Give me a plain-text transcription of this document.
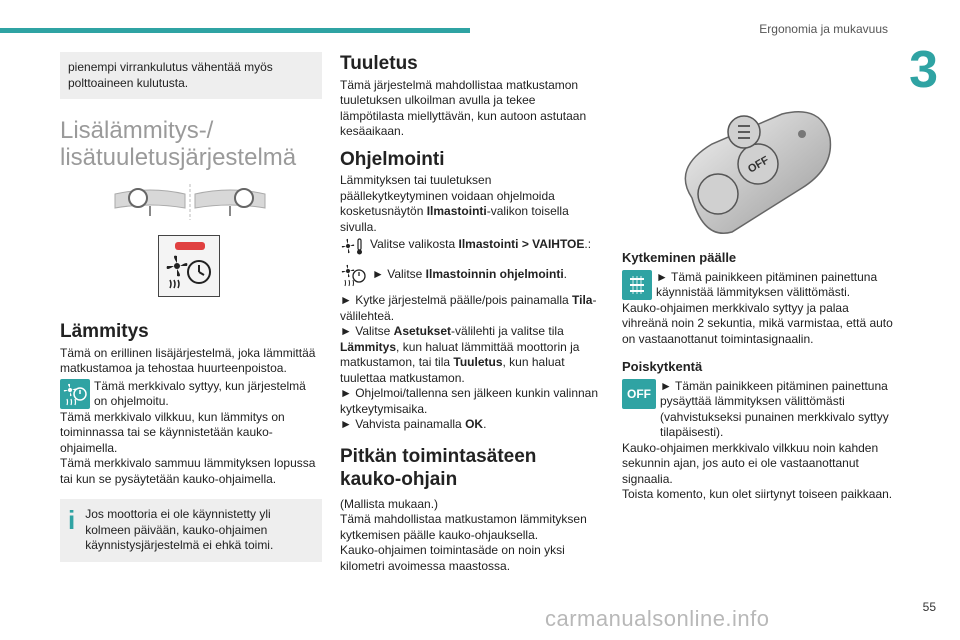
Ergonomia ja mukavuus
3
55
carmanualsonline.info

pienempi virrankulutus vähentää myös polttoaineen kulutusta.

Lisälämmitys-/ lisätuuletusjärjestelmä
Lämmitys

Tämä on erillinen lisäjärjestelmä, joka lämmittää matkustamoa ja tehostaa huurteenpoistoa.

Tämä merkkivalo syttyy, kun järjestelmä on ohjelmoitu.

Tämä merkkivalo vilkkuu, kun lämmitys on toiminnassa tai se käynnistetään kauko-ohjaimella.

Tämä merkkivalo sammuu lämmityksen lopussa tai kun se pysäytetään kauko-ohjaimella.

i Jos moottoria ei ole käynnistetty yli kolmeen päivään, kauko-ohjaimen käynnistysjärjestelmä ei ehkä toimi.

Tuuletus

Tämä järjestelmä mahdollistaa matkustamon tuuletuksen ulkoilman avulla ja tekee lämpötilasta miellyttävän, kun autoon astutaan kesäaikaan.

Ohjelmointi

Lämmityksen tai tuuletuksen päällekytkeytyminen voidaan ohjelmoida kosketusnäytön Ilmastointi-valikon toisella sivulla.

Valitse valikosta Ilmastointi > VAIHTOE.:

► Valitse Ilmastoinnin ohjelmointi.

► Kytke järjestelmä päälle/pois painamalla Tila-välilehteä.

► Valitse Asetukset-välilehti ja valitse tila Lämmitys, kun haluat lämmittää moottorin ja matkustamon, tai tila Tuuletus, kun haluat tuulettaa matkustamon.

► Ohjelmoi/tallenna sen jälkeen kunkin valinnan kytkeytymisaika.

► Vahvista painamalla OK.

Pitkän toimintasäteen kauko-ohjain

(Mallista mukaan.)

Tämä mahdollistaa matkustamon lämmityksen kytkemisen päälle kauko-ohjauksella.

Kauko-ohjaimen toimintasäde on noin yksi kilometri avoimessa maastossa.

OFF
Kytkeminen päälle

► Tämä painikkeen pitäminen painettuna käynnistää lämmityksen välittömästi.

Kauko-ohjaimen merkkivalo syttyy ja palaa vihreänä noin 2 sekuntia, mikä varmistaa, että auto on vastaanottanut toimintasignaalin.

Poiskytkentä
OFF

► Tämän painikkeen pitäminen painettuna pysäyttää lämmityksen välittömästi (vahvistukseksi punainen merkkivalo syttyy tilapäisesti).

Kauko-ohjaimen merkkivalo vilkkuu noin kahden sekunnin ajan, jos auto ei ole vastaanottanut signaalia.

Toista komento, kun olet siirtynyt toiseen paikkaan.
